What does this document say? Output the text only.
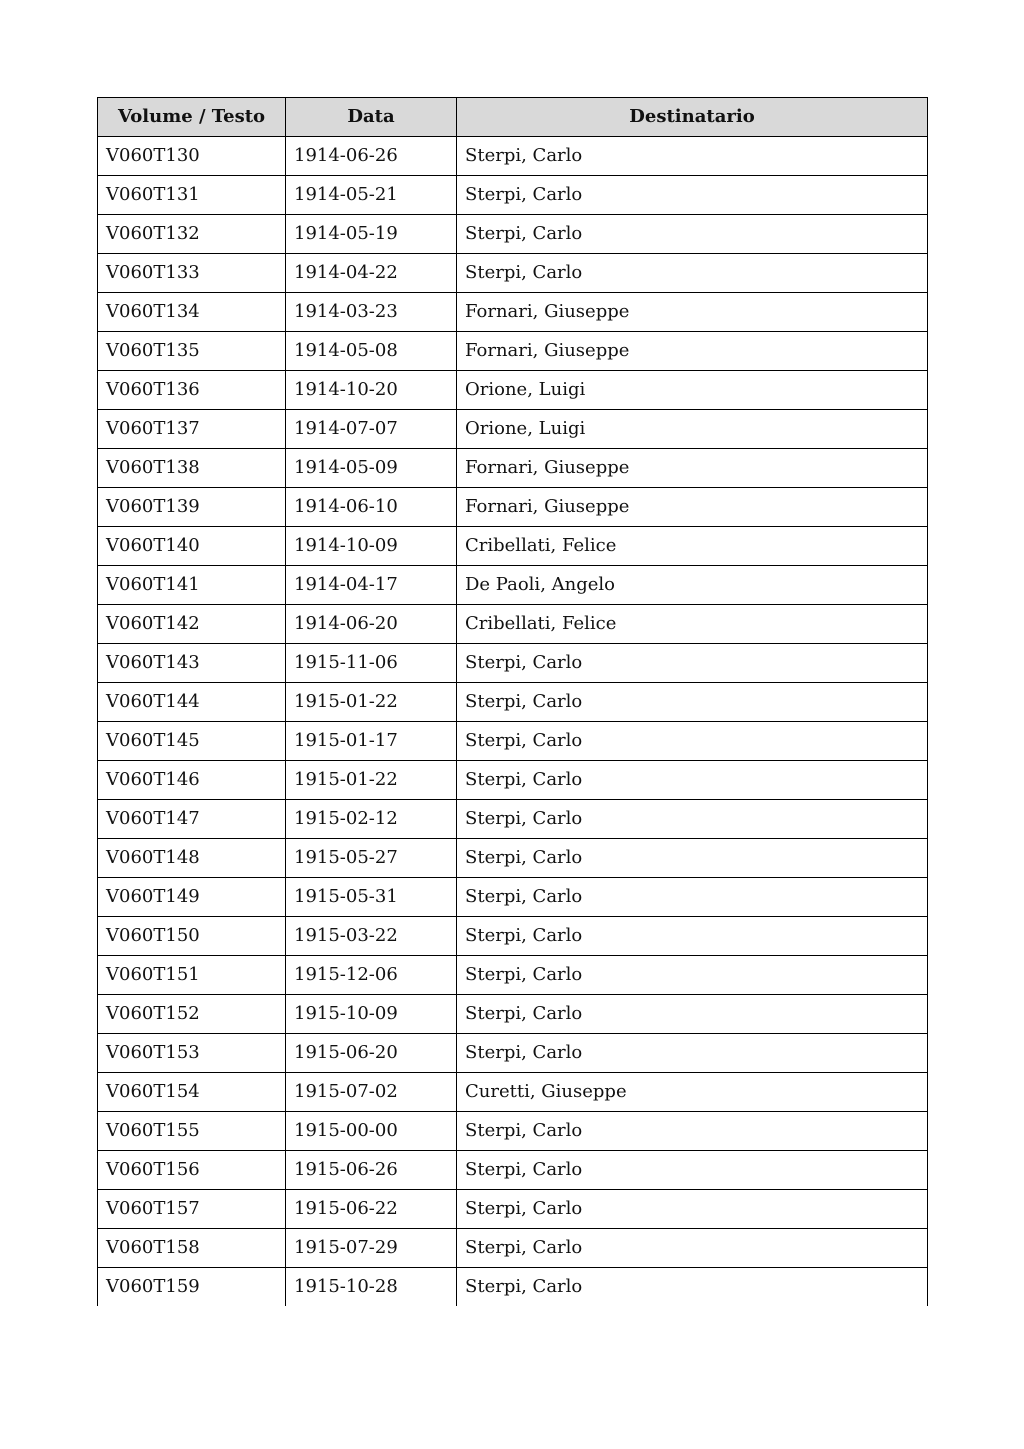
Volume / Testo	Data	Destinatario
V060T130	1914-06-26	Sterpi, Carlo
V060T131	1914-05-21	Sterpi, Carlo
V060T132	1914-05-19	Sterpi, Carlo
V060T133	1914-04-22	Sterpi, Carlo
V060T134	1914-03-23	Fornari, Giuseppe
V060T135	1914-05-08	Fornari, Giuseppe
V060T136	1914-10-20	Orione, Luigi
V060T137	1914-07-07	Orione, Luigi
V060T138	1914-05-09	Fornari, Giuseppe
V060T139	1914-06-10	Fornari, Giuseppe
V060T140	1914-10-09	Cribellati, Felice
V060T141	1914-04-17	De Paoli, Angelo
V060T142	1914-06-20	Cribellati, Felice
V060T143	1915-11-06	Sterpi, Carlo
V060T144	1915-01-22	Sterpi, Carlo
V060T145	1915-01-17	Sterpi, Carlo
V060T146	1915-01-22	Sterpi, Carlo
V060T147	1915-02-12	Sterpi, Carlo
V060T148	1915-05-27	Sterpi, Carlo
V060T149	1915-05-31	Sterpi, Carlo
V060T150	1915-03-22	Sterpi, Carlo
V060T151	1915-12-06	Sterpi, Carlo
V060T152	1915-10-09	Sterpi, Carlo
V060T153	1915-06-20	Sterpi, Carlo
V060T154	1915-07-02	Curetti, Giuseppe
V060T155	1915-00-00	Sterpi, Carlo
V060T156	1915-06-26	Sterpi, Carlo
V060T157	1915-06-22	Sterpi, Carlo
V060T158	1915-07-29	Sterpi, Carlo
V060T159	1915-10-28	Sterpi, Carlo
